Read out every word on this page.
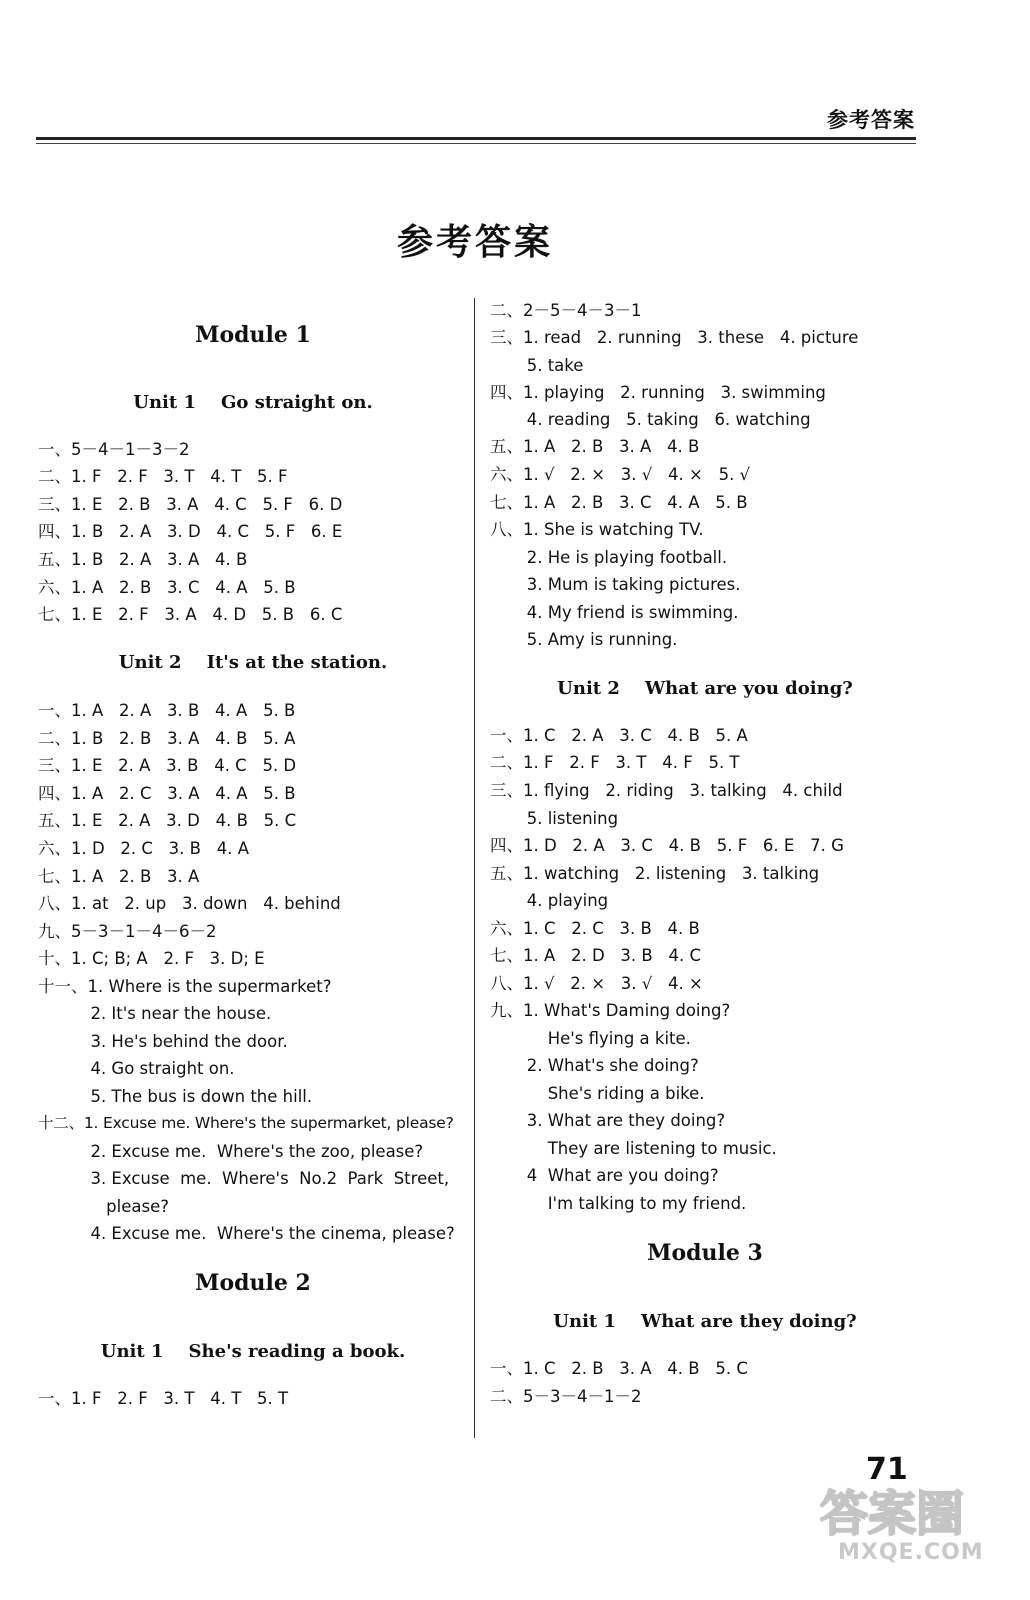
参考答案
参考答案
Module 1
Unit 1    Go straight on.
一、5－4－1－3－2
二、1. F   2. F   3. T   4. T   5. F
三、1. E   2. B   3. A   4. C   5. F   6. D
四、1. B   2. A   3. D   4. C   5. F   6. E
五、1. B   2. A   3. A   4. B
六、1. A   2. B   3. C   4. A   5. B
七、1. E   2. F   3. A   4. D   5. B   6. C
Unit 2    It's at the station.
一、1. A   2. A   3. B   4. A   5. B
二、1. B   2. B   3. A   4. B   5. A
三、1. E   2. A   3. B   4. C   5. D
四、1. A   2. C   3. A   4. A   5. B
五、1. E   2. A   3. D   4. B   5. C
六、1. D   2. C   3. B   4. A
七、1. A   2. B   3. A
八、1. at   2. up   3. down   4. behind
九、5－3－1－4－6－2
十、1. C; B; A   2. F   3. D; E
十一、1. Where is the supermarket?
2. It's near the house.
3. He's behind the door.
4. Go straight on.
5. The bus is down the hill.
十二、1. Excuse me. Where's the supermarket, please?
2. Excuse me.  Where's the zoo, please?
3. Excuse  me.  Where's  No.2  Park  Street,
please?
4. Excuse me.  Where's the cinema, please?
Module 2
Unit 1    She's reading a book.
一、1. F   2. F   3. T   4. T   5. T
二、2－5－4－3－1
三、1. read   2. running   3. these   4. picture
5. take
四、1. playing   2. running   3. swimming
4. reading   5. taking   6. watching
五、1. A   2. B   3. A   4. B
六、1. √   2. ×   3. √   4. ×   5. √
七、1. A   2. B   3. C   4. A   5. B
八、1. She is watching TV.
2. He is playing football.
3. Mum is taking pictures.
4. My friend is swimming.
5. Amy is running.
Unit 2    What are you doing?
一、1. C   2. A   3. C   4. B   5. A
二、1. F   2. F   3. T   4. F   5. T
三、1. flying   2. riding   3. talking   4. child
5. listening
四、1. D   2. A   3. C   4. B   5. F   6. E   7. G
五、1. watching   2. listening   3. talking
4. playing
六、1. C   2. C   3. B   4. B
七、1. A   2. D   3. B   4. C
八、1. √   2. ×   3. √   4. ×
九、1. What's Daming doing?
He's flying a kite.
2. What's she doing?
She's riding a bike.
3. What are they doing?
They are listening to music.
4  What are you doing?
I'm talking to my friend.
Module 3
Unit 1    What are they doing?
一、1. C   2. B   3. A   4. B   5. C
二、5－3－4－1－2
71
答案圈
MXQE.COM
